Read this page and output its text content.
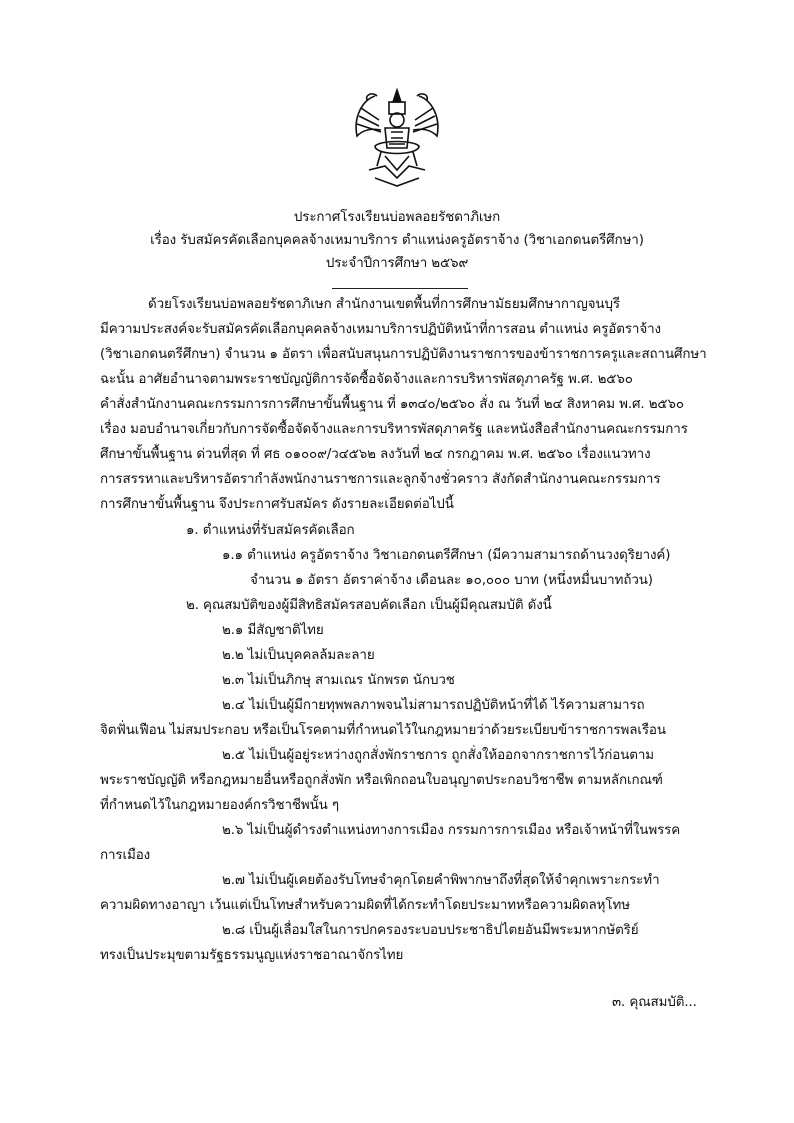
ประกาศโรงเรียนบ่อพลอยรัชดาภิเษก
เรื่อง รับสมัครคัดเลือกบุคคลจ้างเหมาบริการ ตำแหน่งครูอัตราจ้าง (วิชาเอกดนตรีศึกษา)
ประจำปีการศึกษา ๒๕๖๙
ด้วยโรงเรียนบ่อพลอยรัชดาภิเษก สำนักงานเขตพื้นที่การศึกษามัธยมศึกษากาญจนบุรี
มีความประสงค์จะรับสมัครคัดเลือกบุคคลจ้างเหมาบริการปฏิบัติหน้าที่การสอน ตำแหน่ง ครูอัตราจ้าง
(วิชาเอกดนตรีศึกษา) จำนวน ๑ อัตรา เพื่อสนับสนุนการปฏิบัติงานราชการของข้าราชการครูและสถานศึกษา
ฉะนั้น อาศัยอำนาจตามพระราชบัญญัติการจัดซื้อจัดจ้างและการบริหารพัสดุภาครัฐ พ.ศ. ๒๕๖๐
คำสั่งสำนักงานคณะกรรมการการศึกษาขั้นพื้นฐาน ที่ ๑๓๔๐/๒๕๖๐ สั่ง ณ วันที่ ๒๔ สิงหาคม พ.ศ. ๒๕๖๐
เรื่อง มอบอำนาจเกี่ยวกับการจัดซื้อจัดจ้างและการบริหารพัสดุภาครัฐ และหนังสือสำนักงานคณะกรรมการ
ศึกษาขั้นพื้นฐาน ด่วนที่สุด ที่ ศธ ๐๑๐๐๙/ว๔๕๖๒ ลงวันที่ ๒๔ กรกฎาคม พ.ศ. ๒๕๖๐ เรื่องแนวทาง
การสรรหาและบริหารอัตรากำลังพนักงานราชการและลูกจ้างชั่วคราว สังกัดสำนักงานคณะกรรมการ
การศึกษาขั้นพื้นฐาน จึงประกาศรับสมัคร ดังรายละเอียดต่อไปนี้
๑. ตำแหน่งที่รับสมัครคัดเลือก
๑.๑ ตำแหน่ง ครูอัตราจ้าง วิชาเอกดนตรีศึกษา (มีความสามารถด้านวงดุริยางค์)
จำนวน ๑ อัตรา อัตราค่าจ้าง เดือนละ ๑๐,๐๐๐ บาท (หนึ่งหมื่นบาทถ้วน)
๒. คุณสมบัติของผู้มีสิทธิสมัครสอบคัดเลือก เป็นผู้มีคุณสมบัติ ดังนี้
๒.๑ มีสัญชาติไทย
๒.๒ ไม่เป็นบุคคลล้มละลาย
๒.๓ ไม่เป็นภิกษุ สามเณร นักพรต นักบวช
๒.๔ ไม่เป็นผู้มีกายทุพพลภาพจนไม่สามารถปฏิบัติหน้าที่ได้ ไร้ความสามารถ
จิตฟั่นเฟือน ไม่สมประกอบ หรือเป็นโรคตามที่กำหนดไว้ในกฎหมายว่าด้วยระเบียบข้าราชการพลเรือน
๒.๕ ไม่เป็นผู้อยู่ระหว่างถูกสั่งพักราชการ ถูกสั่งให้ออกจากราชการไว้ก่อนตาม
พระราชบัญญัติ หรือกฎหมายอื่นหรือถูกสั่งพัก หรือเพิกถอนใบอนุญาตประกอบวิชาชีพ ตามหลักเกณฑ์
ที่กำหนดไว้ในกฎหมายองค์กรวิชาชีพนั้น ๆ
๒.๖ ไม่เป็นผู้ดำรงตำแหน่งทางการเมือง กรรมการการเมือง หรือเจ้าหน้าที่ในพรรค
การเมือง
๒.๗ ไม่เป็นผู้เคยต้องรับโทษจำคุกโดยคำพิพากษาถึงที่สุดให้จำคุกเพราะกระทำ
ความผิดทางอาญา เว้นแต่เป็นโทษสำหรับความผิดที่ได้กระทำโดยประมาทหรือความผิดลหุโทษ
๒.๘ เป็นผู้เลื่อมใสในการปกครองระบอบประชาธิปไตยอันมีพระมหากษัตริย์
ทรงเป็นประมุขตามรัฐธรรมนูญแห่งราชอาณาจักรไทย
๓. คุณสมบัติ...
